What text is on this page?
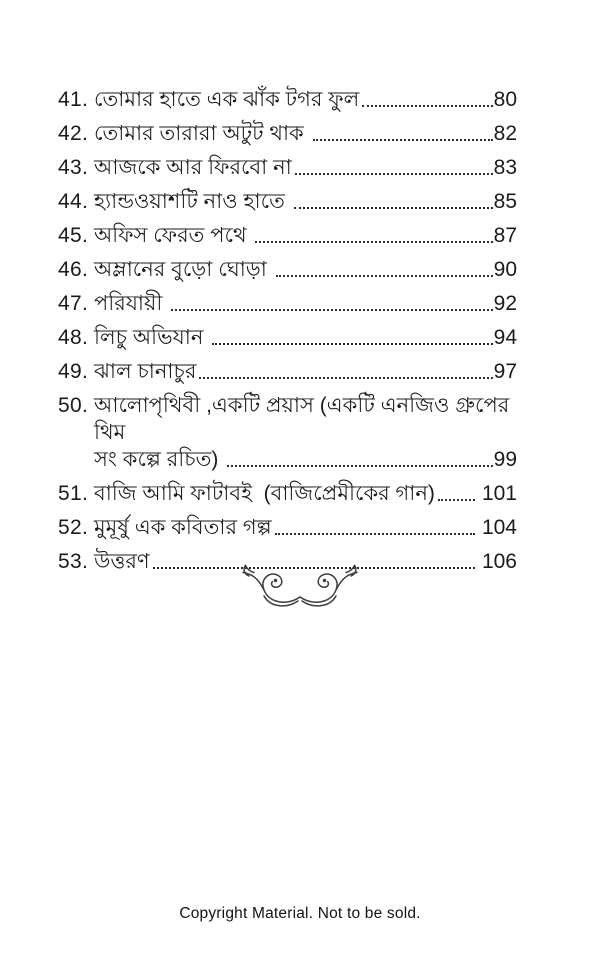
41. তোমার হাতে এক ঝাঁক টগর ফুল	80
42. তোমার তারারা অটুট থাক	82
43. আজকে আর ফিরবো না	83
44. হ্যান্ডওয়াশটি নাও হাতে	85
45. অফিস ফেরত পথে	87
46. অম্লানের বুড়ো ঘোড়া	90
47. পরিযায়ী	92
48. লিচু অভিযান	94
49. ঝাল চানাচুর	97
50. আলোপৃথিবী ,একটি প্রয়াস (একটি এনজিও গ্রুপের থিম
সং কল্পে রচিত)	99
51. বাজি আমি ফাটাবই  (বাজিপ্রেমীকের গান) 101
52. মুমূর্ষু এক কবিতার গল্প	104
53. উত্তরণ	106
Copyright Material. Not to be sold.
